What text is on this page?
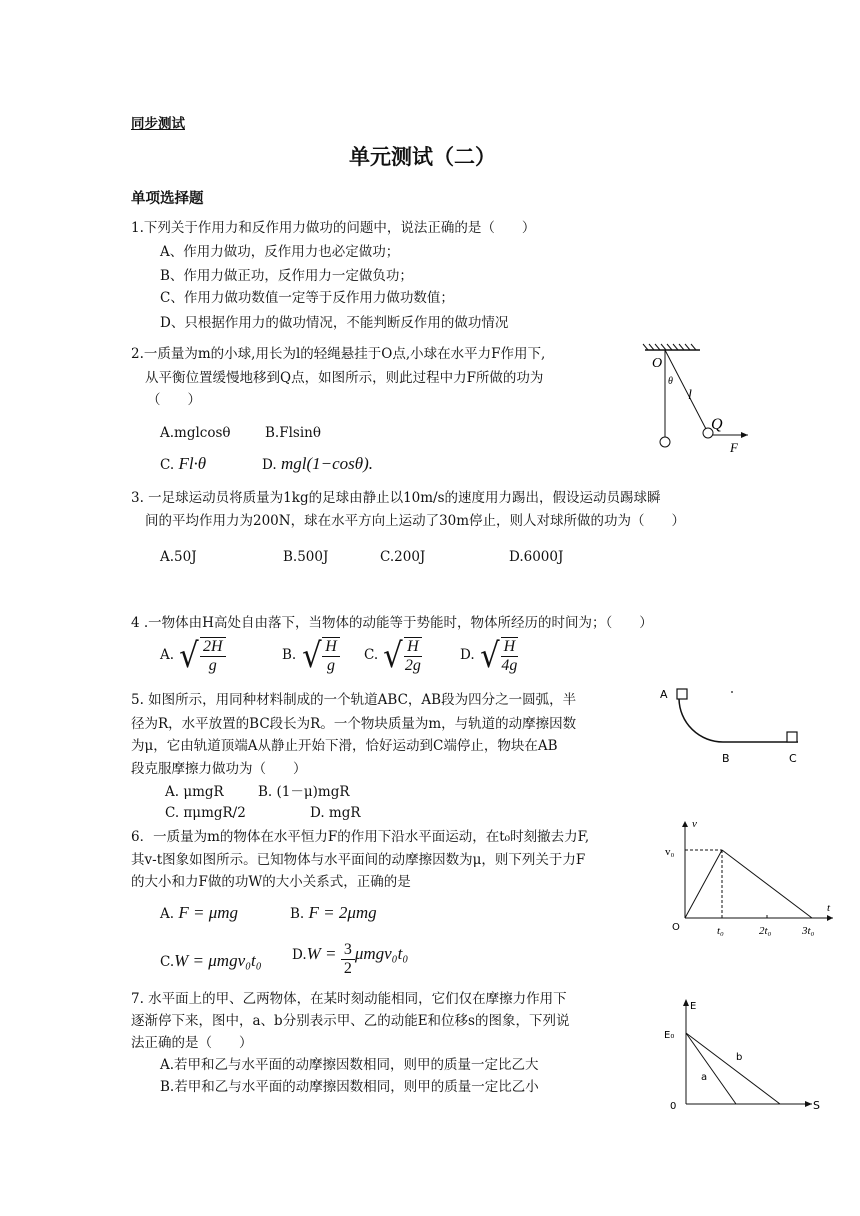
同步测试
单元测试（二）
单项选择题
1.下列关于作用力和反作用力做功的问题中，说法正确的是（　　）
A、作用力做功，反作用力也必定做功；
B、作用力做正功，反作用力一定做负功；
C、作用力做功数值一定等于反作用力做功数值；
D、只根据作用力的做功情况，不能判断反作用的做功情况
2.一质量为m的小球,用长为l的轻绳悬挂于O点,小球在水平力F作用下,
从平衡位置缓慢地移到Q点，如图所示，则此过程中力F所做的功为
（　　）
A.mglcosθ	B.Flsinθ
C. Fl·θ	D. mgl(1−cosθ).
O
θ
l
Q
F
3. 一足球运动员将质量为1kg的足球由静止以10m/s的速度用力踢出，假设运动员踢球瞬
间的平均作用力为200N，球在水平方向上运动了30m停止，则人对球所做的功为（　　）
A.50J	B.500J	C.200J	D.6000J
4 .一物体由H高处自由落下，当物体的动能等于势能时，物体所经历的时间为；（　　）
A. √ $\frac{2H}{g}$	B. √ $\frac{H}{g} C$. √ $\frac{H}{2g}$	D. √ $\frac{H}{4g}$
5. 如图所示，用同种材料制成的一个轨道ABC，AB段为四分之一圆弧，半
径为R，水平放置的BC段长为R。一个物块质量为m，与轨道的动摩擦因数
为μ，它由轨道顶端A从静止开始下滑，恰好运动到C端停止，物块在AB
段克服摩擦力做功为（　　）
A. μmgR	B. (1－μ)mgR
C. πμmgR/2	D. mgR
A
B	C
6．一质量为m的物体在水平恒力F的作用下沿水平面运动，在t₀时刻撤去力F,
其v-t图象如图所示。已知物体与水平面间的动摩擦因数为μ，则下列关于力F
的大小和力F做的功W的大小关系式，正确的是
A. F = μmg	B. F = 2μmg
C.W = μmgv₀t₀ $D.W = \frac{3}{2} \mu mgv_0t_0$
v
v₀
t
O	t₀	2t₀	3t₀
7. 水平面上的甲、乙两物体，在某时刻动能相同，它们仅在摩擦力作用下
逐渐停下来，图中，a、b分别表示甲、乙的动能E和位移s的图象，下列说
法正确的是（　　）
A.若甲和乙与水平面的动摩擦因数相同，则甲的质量一定比乙大
B.若甲和乙与水平面的动摩擦因数相同，则甲的质量一定比乙小
E
E₀
a
b
0	S
